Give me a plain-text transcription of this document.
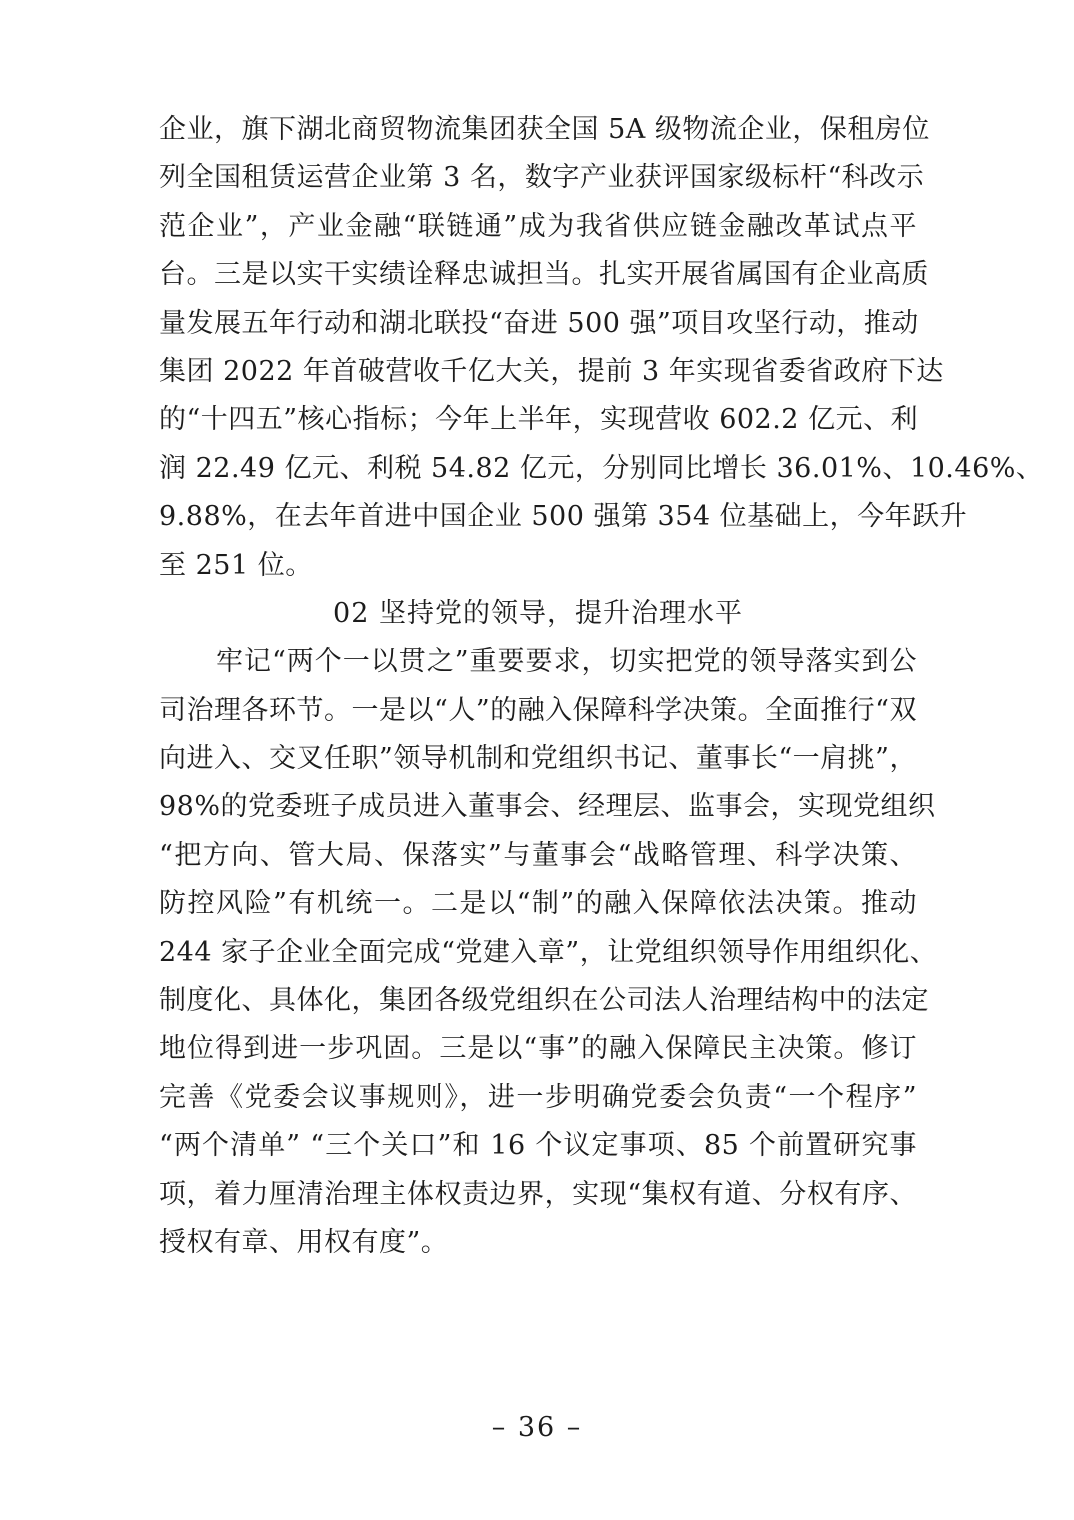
企业，旗下湖北商贸物流集团获全国 5A 级物流企业，保租房位
列全国租赁运营企业第 3 名，数字产业获评国家级标杆“科改示
范企业”，产业金融“联链通”成为我省供应链金融改革试点平
台。三是以实干实绩诠释忠诚担当。扎实开展省属国有企业高质
量发展五年行动和湖北联投“奋进 500 强”项目攻坚行动，推动
集团 2022 年首破营收千亿大关，提前 3 年实现省委省政府下达
的“十四五”核心指标；今年上半年，实现营收 602.2 亿元、利
润 22.49 亿元、利税 54.82 亿元，分别同比增长 36.01%、10.46%、
9.88%，在去年首进中国企业 500 强第 354 位基础上，今年跃升
至 251 位。
02 坚持党的领导，提升治理水平
牢记“两个一以贯之”重要要求，切实把党的领导落实到公
司治理各环节。一是以“人”的融入保障科学决策。全面推行“双
向进入、交叉任职”领导机制和党组织书记、董事长“一肩挑”，
98%的党委班子成员进入董事会、经理层、监事会，实现党组织
“把方向、管大局、保落实”与董事会“战略管理、科学决策、
防控风险”有机统一。二是以“制”的融入保障依法决策。推动
244 家子企业全面完成“党建入章”，让党组织领导作用组织化、
制度化、具体化，集团各级党组织在公司法人治理结构中的法定
地位得到进一步巩固。三是以“事”的融入保障民主决策。修订
完善《党委会议事规则》，进一步明确党委会负责“一个程序”
“两个清单” “三个关口”和 16 个议定事项、85 个前置研究事
项，着力厘清治理主体权责边界，实现“集权有道、分权有序、
授权有章、用权有度”。
– 36 –
